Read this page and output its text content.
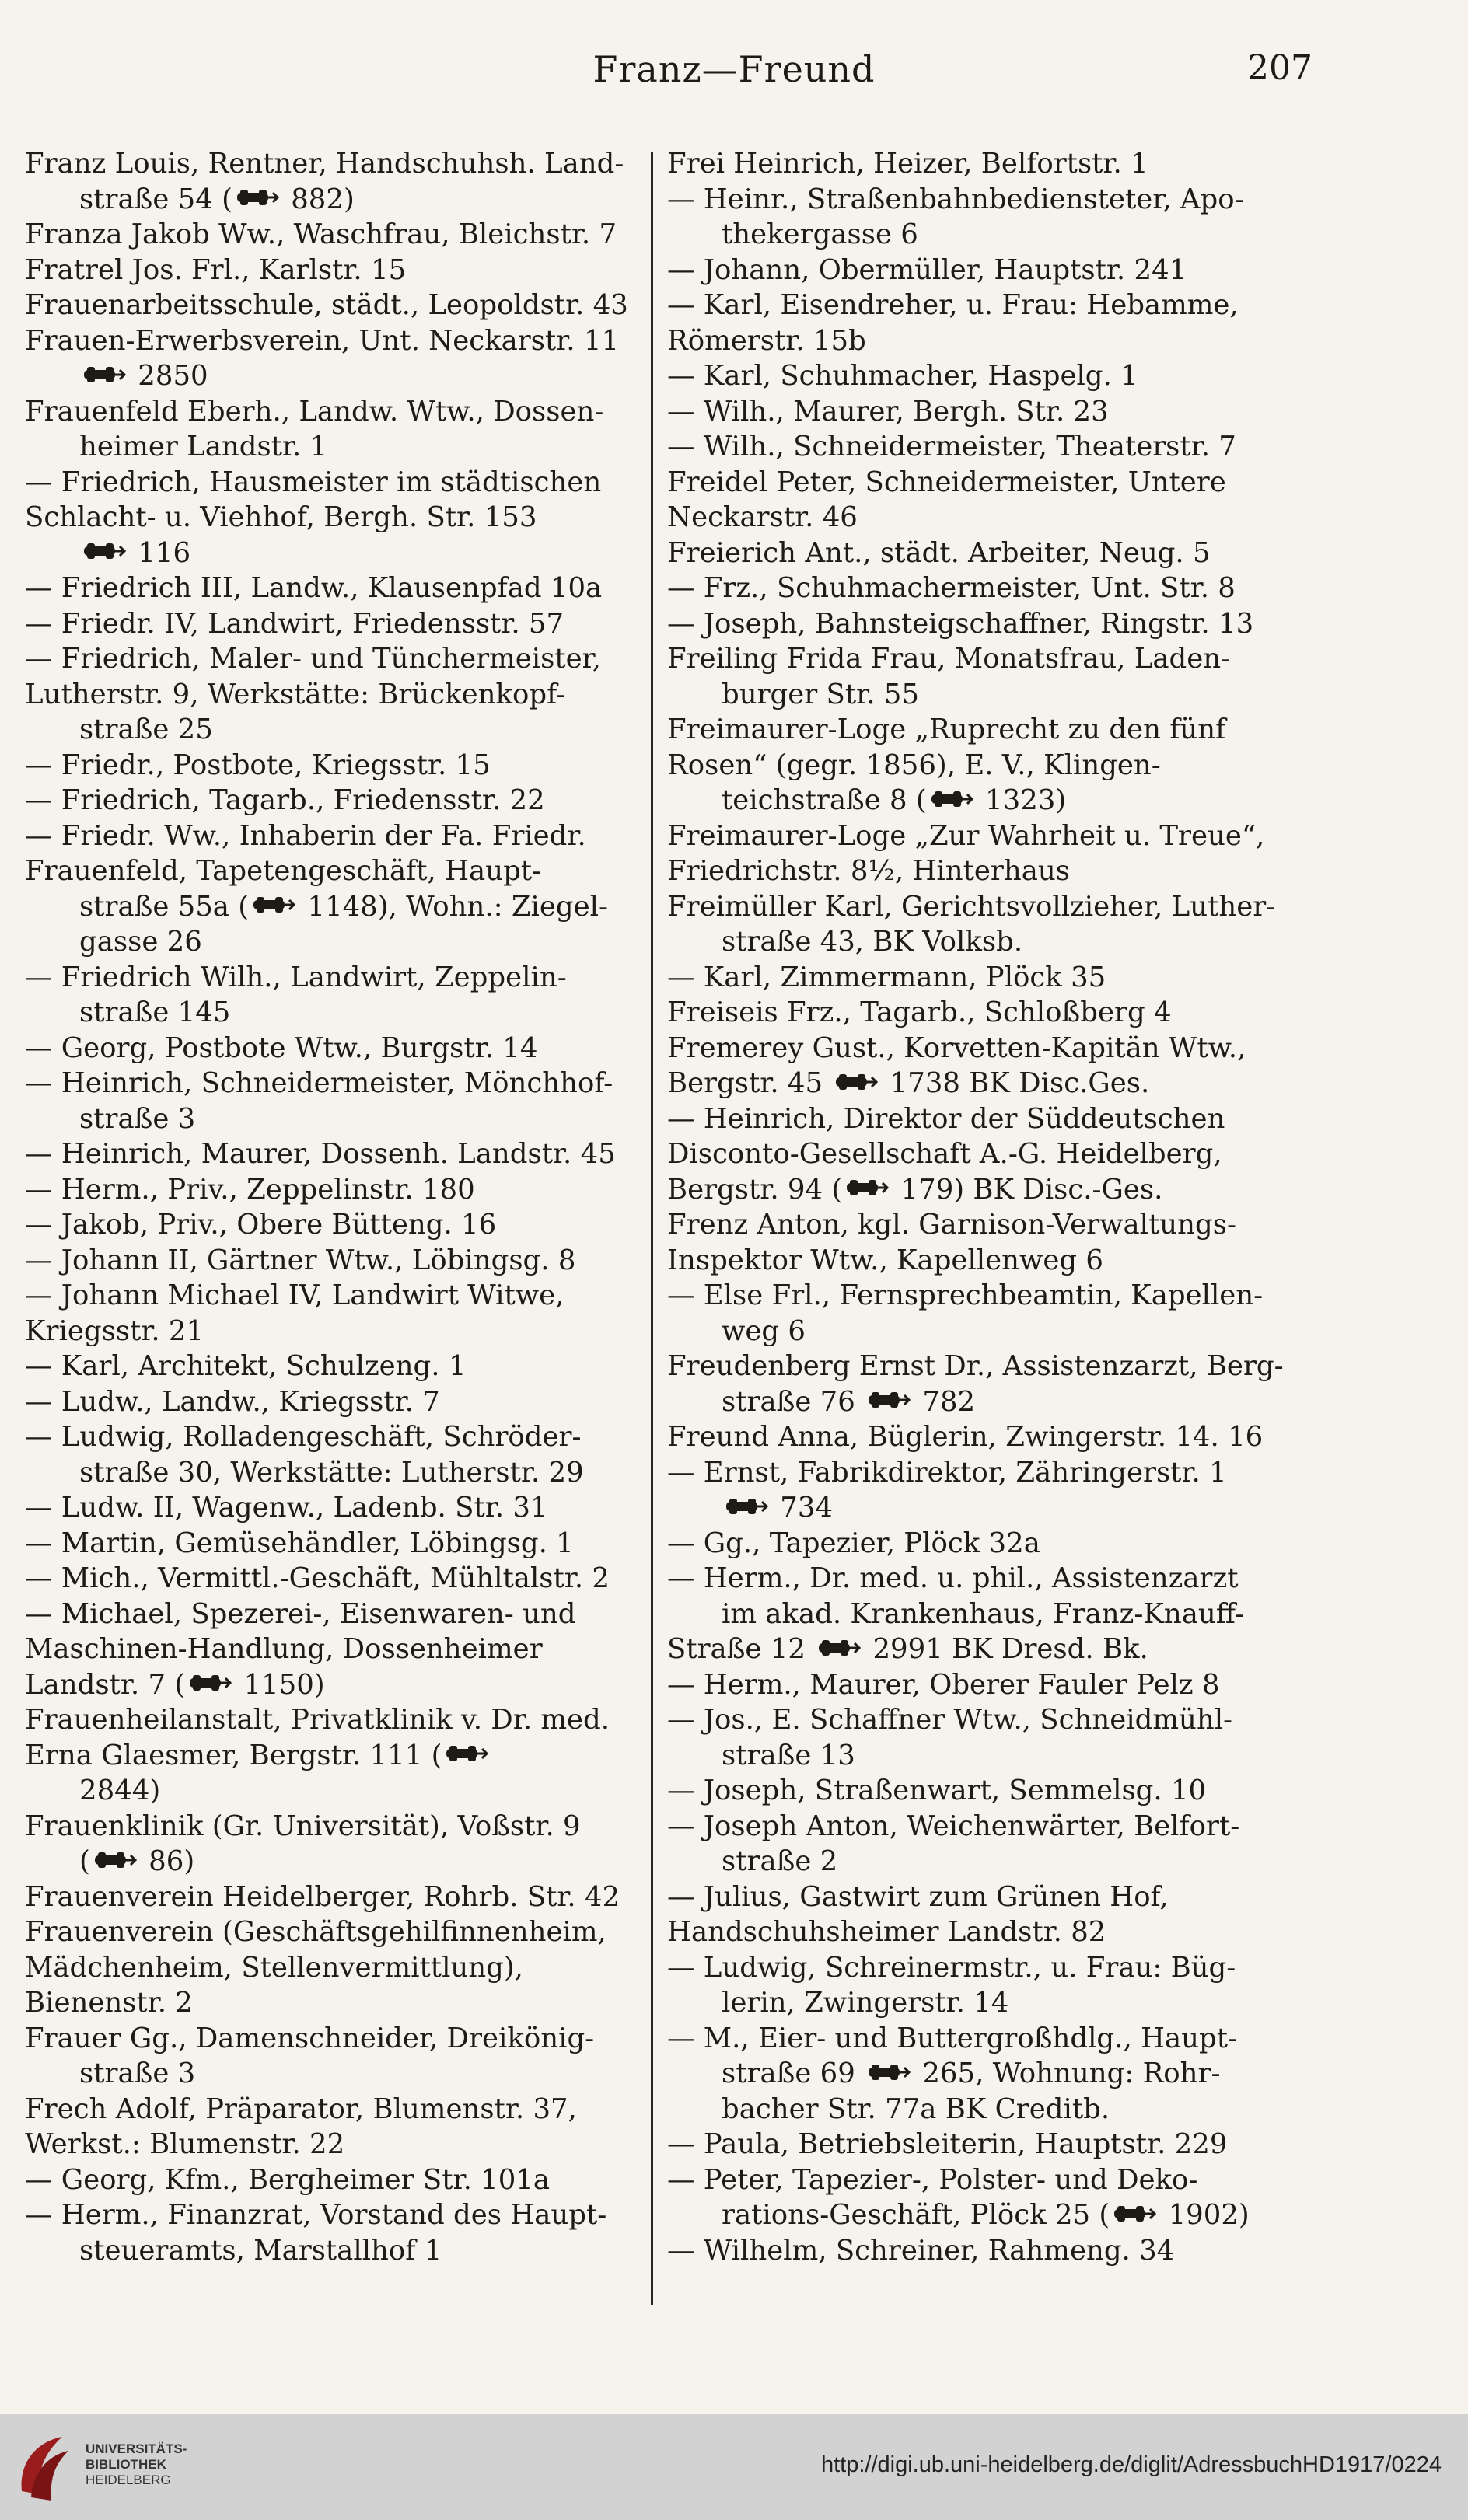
Franz—Freund	207
Franz Louis, Rentner, Handschuhsh. Land-
straße 54 ( 882)
Franza Jakob Ww., Waschfrau, Bleichstr. 7
Fratrel Jos. Frl., Karlstr. 15
Frauenarbeitsschule, städt., Leopoldstr. 43
Frauen-Erwerbsverein, Unt. Neckarstr. 11
2850
Frauenfeld Eberh., Landw. Wtw., Dossen-
heimer Landstr. 1
— Friedrich, Hausmeister im städtischen
Schlacht- u. Viehhof, Bergh. Str. 153
116
— Friedrich III, Landw., Klausenpfad 10a
— Friedr. IV, Landwirt, Friedensstr. 57
— Friedrich, Maler- und Tünchermeister,
Lutherstr. 9, Werkstätte: Brückenkopf-
straße 25
— Friedr., Postbote, Kriegsstr. 15
— Friedrich, Tagarb., Friedensstr. 22
— Friedr. Ww., Inhaberin der Fa. Friedr.
Frauenfeld, Tapetengeschäft, Haupt-
straße 55a ( 1148), Wohn.: Ziegel-
gasse 26
— Friedrich Wilh., Landwirt, Zeppelin-
straße 145
— Georg, Postbote Wtw., Burgstr. 14
— Heinrich, Schneidermeister, Mönchhof-
straße 3
— Heinrich, Maurer, Dossenh. Landstr. 45
— Herm., Priv., Zeppelinstr. 180
— Jakob, Priv., Obere Bütteng. 16
— Johann II, Gärtner Wtw., Löbingsg. 8
— Johann Michael IV, Landwirt Witwe,
Kriegsstr. 21
— Karl, Architekt, Schulzeng. 1
— Ludw., Landw., Kriegsstr. 7
— Ludwig, Rolladengeschäft, Schröder-
straße 30, Werkstätte: Lutherstr. 29
— Ludw. II, Wagenw., Ladenb. Str. 31
— Martin, Gemüsehändler, Löbingsg. 1
— Mich., Vermittl.-Geschäft, Mühltalstr. 2
— Michael, Spezerei-, Eisenwaren- und
Maschinen-Handlung, Dossenheimer
Landstr. 7 ( 1150)
Frauenheilanstalt, Privatklinik v. Dr. med.
Erna Glaesmer, Bergstr. 111 (
2844)
Frauenklinik (Gr. Universität), Voßstr. 9
( 86)
Frauenverein Heidelberger, Rohrb. Str. 42
Frauenverein (Geschäftsgehilfinnenheim,
Mädchenheim, Stellenvermittlung),
Bienenstr. 2
Frauer Gg., Damenschneider, Dreikönig-
straße 3
Frech Adolf, Präparator, Blumenstr. 37,
Werkst.: Blumenstr. 22
— Georg, Kfm., Bergheimer Str. 101a
— Herm., Finanzrat, Vorstand des Haupt-
steueramts, Marstallhof 1
Frei Heinrich, Heizer, Belfortstr. 1
— Heinr., Straßenbahnbediensteter, Apo-
thekergasse 6
— Johann, Obermüller, Hauptstr. 241
— Karl, Eisendreher, u. Frau: Hebamme,
Römerstr. 15b
— Karl, Schuhmacher, Haspelg. 1
— Wilh., Maurer, Bergh. Str. 23
— Wilh., Schneidermeister, Theaterstr. 7
Freidel Peter, Schneidermeister, Untere
Neckarstr. 46
Freierich Ant., städt. Arbeiter, Neug. 5
— Frz., Schuhmachermeister, Unt. Str. 8
— Joseph, Bahnsteigschaffner, Ringstr. 13
Freiling Frida Frau, Monatsfrau, Laden-
burger Str. 55
Freimaurer-Loge „Ruprecht zu den fünf
Rosen“ (gegr. 1856), E. V., Klingen-
teichstraße 8 ( 1323)
Freimaurer-Loge „Zur Wahrheit u. Treue“,
Friedrichstr. 8½, Hinterhaus
Freimüller Karl, Gerichtsvollzieher, Luther-
straße 43, BK Volksb.
— Karl, Zimmermann, Plöck 35
Freiseis Frz., Tagarb., Schloßberg 4
Fremerey Gust., Korvetten-Kapitän Wtw.,
Bergstr. 45  1738 BK Disc.Ges.
— Heinrich, Direktor der Süddeutschen
Disconto-Gesellschaft A.-G. Heidelberg,
Bergstr. 94 ( 179) BK Disc.-Ges.
Frenz Anton, kgl. Garnison-Verwaltungs-
Inspektor Wtw., Kapellenweg 6
— Else Frl., Fernsprechbeamtin, Kapellen-
weg 6
Freudenberg Ernst Dr., Assistenzarzt, Berg-
straße 76  782
Freund Anna, Büglerin, Zwingerstr. 14. 16
— Ernst, Fabrikdirektor, Zähringerstr. 1
734
— Gg., Tapezier, Plöck 32a
— Herm., Dr. med. u. phil., Assistenzarzt
im akad. Krankenhaus, Franz-Knauff-
Straße 12  2991 BK Dresd. Bk.
— Herm., Maurer, Oberer Fauler Pelz 8
— Jos., E. Schaffner Wtw., Schneidmühl-
straße 13
— Joseph, Straßenwart, Semmelsg. 10
— Joseph Anton, Weichenwärter, Belfort-
straße 2
— Julius, Gastwirt zum Grünen Hof,
Handschuhsheimer Landstr. 82
— Ludwig, Schreinermstr., u. Frau: Büg-
lerin, Zwingerstr. 14
— M., Eier- und Buttergroßhdlg., Haupt-
straße 69  265, Wohnung: Rohr-
bacher Str. 77a BK Creditb.
— Paula, Betriebsleiterin, Hauptstr. 229
— Peter, Tapezier-, Polster- und Deko-
rations-Geschäft, Plöck 25 ( 1902)
— Wilhelm, Schreiner, Rahmeng. 34
UNIVERSITÄTS-
BIBLIOTHEK
HEIDELBERG
http://digi.ub.uni-heidelberg.de/diglit/AdressbuchHD1917/0224
